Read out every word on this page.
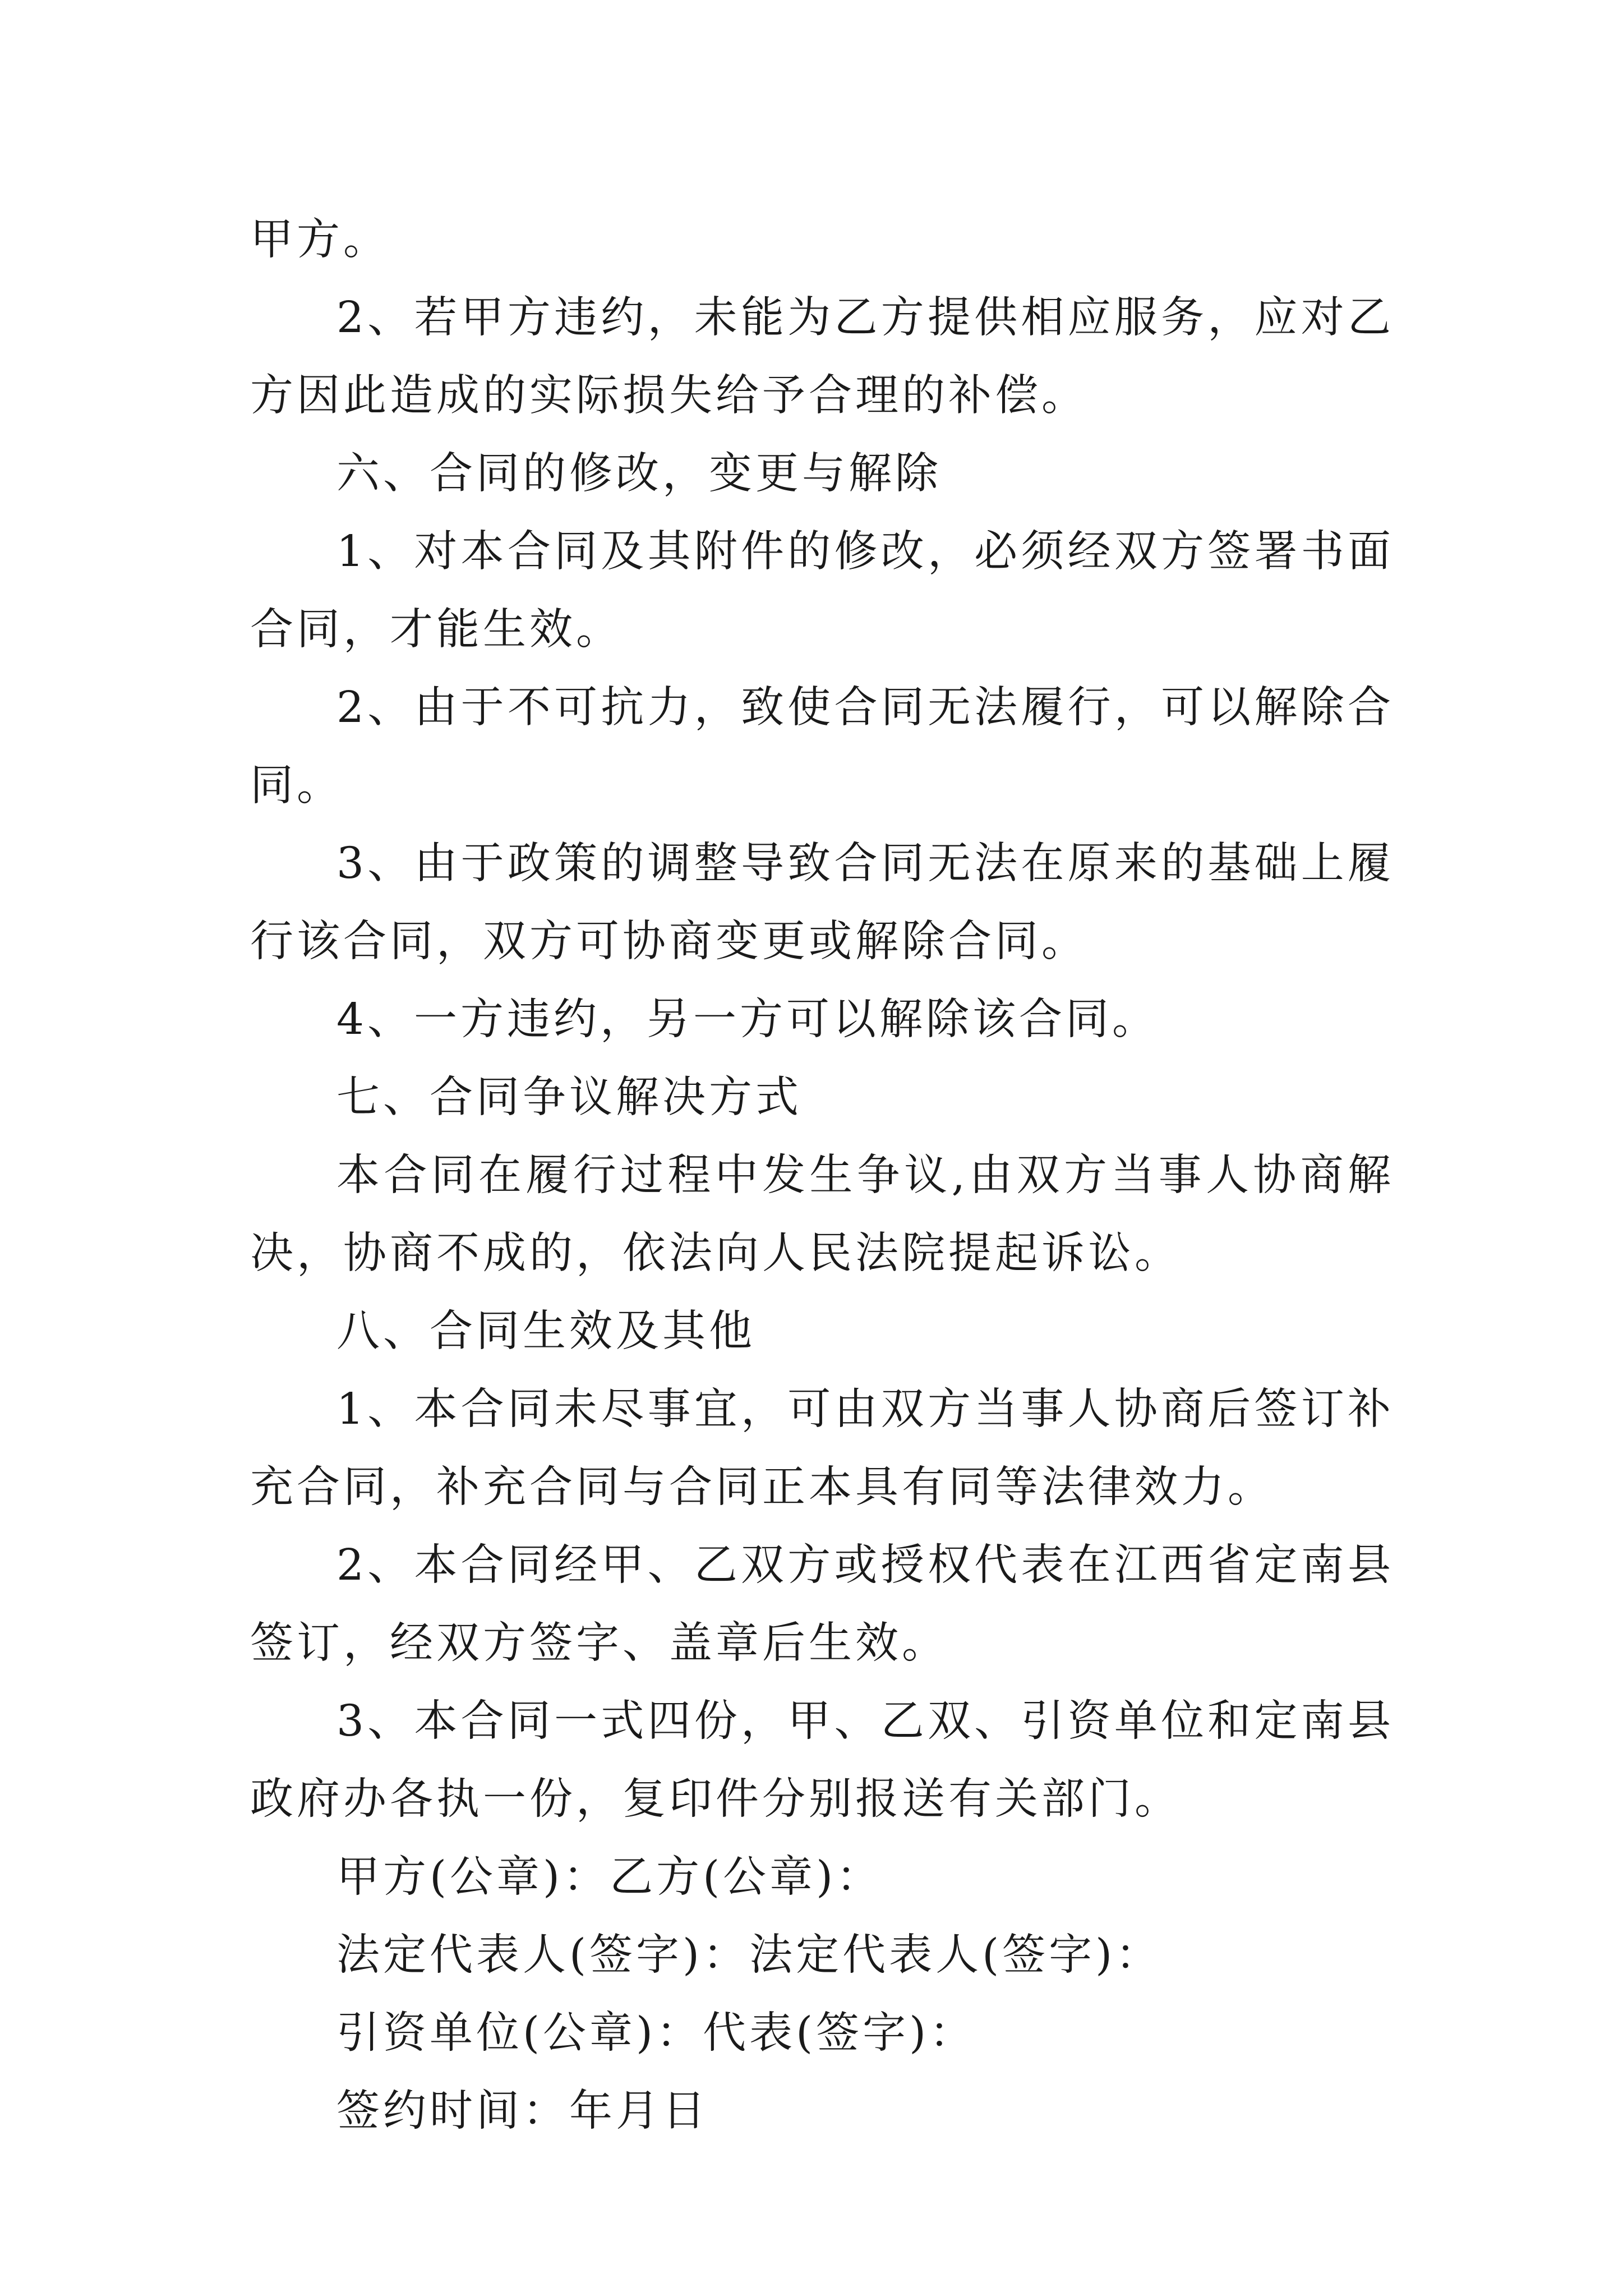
甲方。

2、若甲方违约，未能为乙方提供相应服务，应对乙方因此造成的实际损失给予合理的补偿。

六、合同的修改，变更与解除

1、对本合同及其附件的修改，必须经双方签署书面合同，才能生效。

2、由于不可抗力，致使合同无法履行，可以解除合同。

3、由于政策的调整导致合同无法在原来的基础上履行该合同，双方可协商变更或解除合同。

4、一方违约，另一方可以解除该合同。

七、合同争议解决方式

本合同在履行过程中发生争议,由双方当事人协商解决，协商不成的，依法向人民法院提起诉讼。

八、合同生效及其他

1、本合同未尽事宜，可由双方当事人协商后签订补充合同，补充合同与合同正本具有同等法律效力。

2、本合同经甲、乙双方或授权代表在江西省定南县签订，经双方签字、盖章后生效。

3、本合同一式四份，甲、乙双、引资单位和定南县政府办各执一份，复印件分别报送有关部门。

甲方(公章)：乙方(公章)：

法定代表人(签字)：法定代表人(签字)：

引资单位(公章)：代表(签字)：

签约时间：年月日
